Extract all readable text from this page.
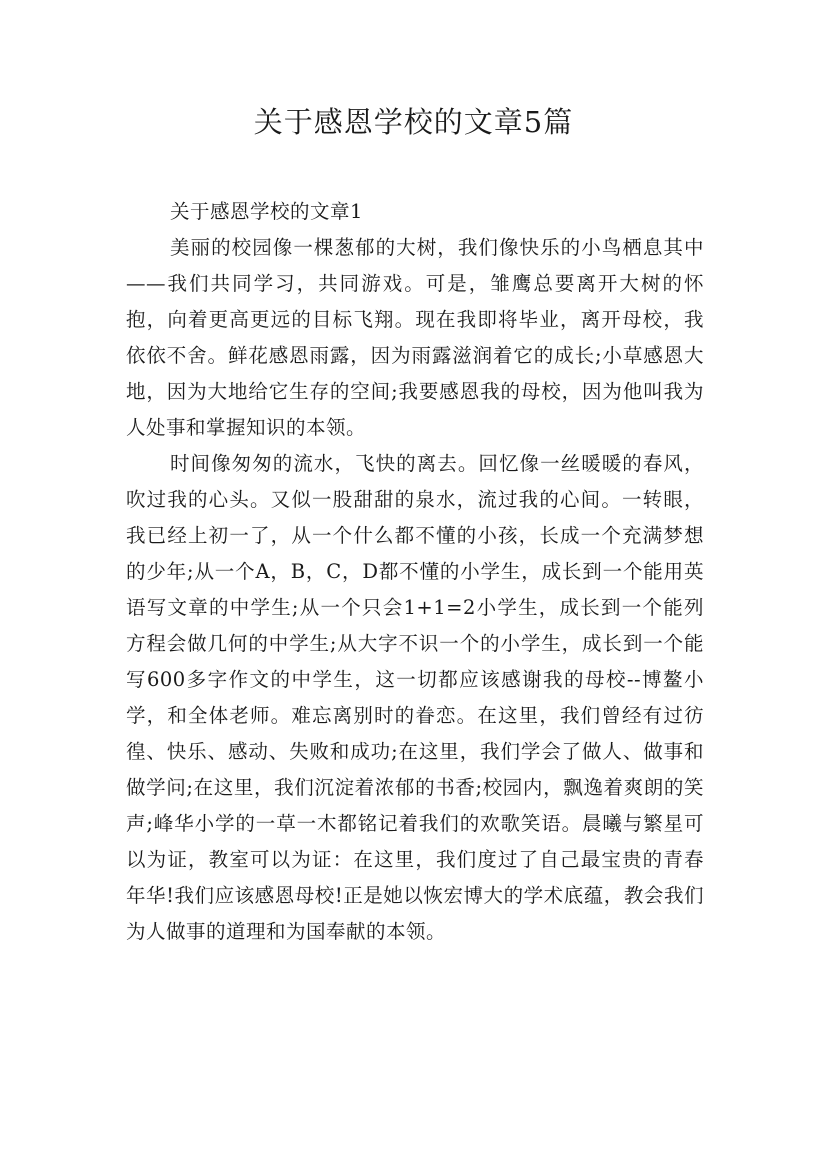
关于感恩学校的文章5篇
关于感恩学校的文章1

美丽的校园像一棵葱郁的大树，我们像快乐的小鸟栖息其中——我们共同学习，共同游戏。可是，雏鹰总要离开大树的怀抱，向着更高更远的目标飞翔。现在我即将毕业，离开母校，我依依不舍。鲜花感恩雨露，因为雨露滋润着它的成长;小草感恩大地，因为大地给它生存的空间;我要感恩我的母校，因为他叫我为人处事和掌握知识的本领。

时间像匆匆的流水，飞快的离去。回忆像一丝暖暖的春风，吹过我的心头。又似一股甜甜的泉水，流过我的心间。一转眼，我已经上初一了，从一个什么都不懂的小孩，长成一个充满梦想的少年;从一个A，B，C，D都不懂的小学生，成长到一个能用英语写文章的中学生;从一个只会1+1=2小学生，成长到一个能列方程会做几何的中学生;从大字不识一个的小学生，成长到一个能写600多字作文的中学生，这一切都应该感谢我的母校--博鳌小学，和全体老师。难忘离别时的眷恋。在这里，我们曾经有过彷徨、快乐、感动、失败和成功;在这里，我们学会了做人、做事和做学问;在这里，我们沉淀着浓郁的书香;校园内，飘逸着爽朗的笑声;峰华小学的一草一木都铭记着我们的欢歌笑语。晨曦与繁星可以为证，教室可以为证：在这里，我们度过了自己最宝贵的青春年华!我们应该感恩母校!正是她以恢宏博大的学术底蕴，教会我们为人做事的道理和为国奉献的本领。
